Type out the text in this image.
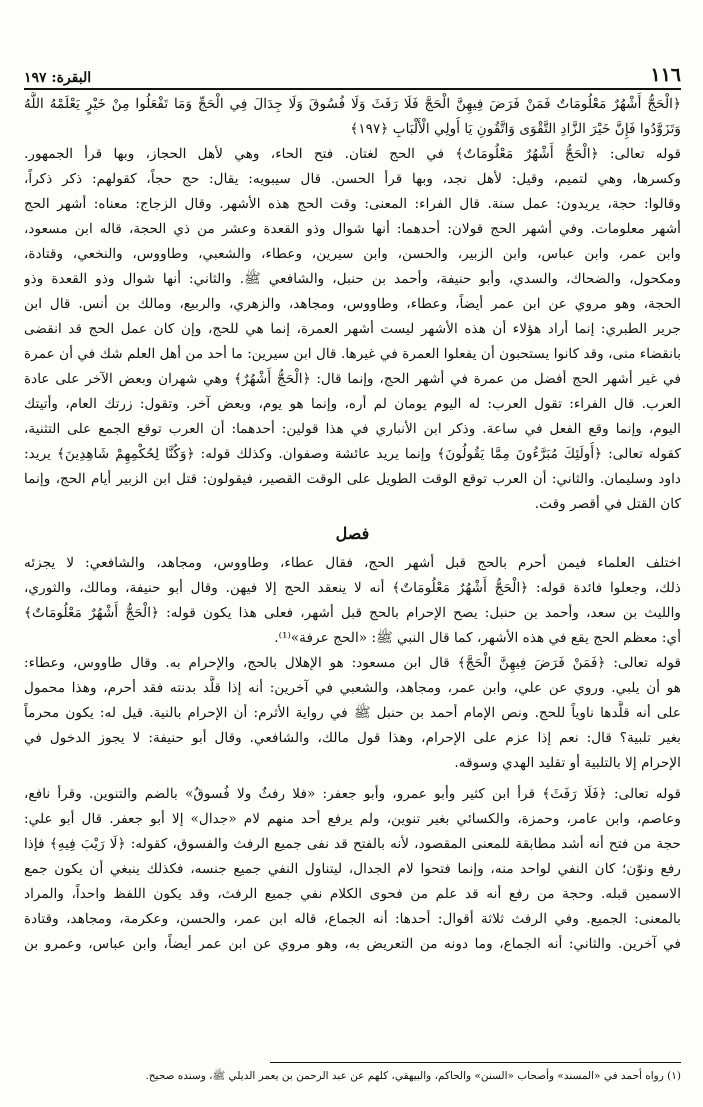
١١٦
البقرة: ١٩٧
﴿الْحَجُّ أَشْهُرٌ مَعْلُومَاتٌ فَمَنْ فَرَضَ فِيهِنَّ الْحَجَّ فَلَا رَفَثَ وَلَا فُسُوقَ وَلَا جِدَالَ فِي الْحَجِّ وَمَا تَفْعَلُوا مِنْ خَيْرٍ يَعْلَمْهُ اللَّهُ
وَتَزَوَّدُوا فَإِنَّ خَيْرَ الزَّادِ التَّقْوَى وَاتَّقُونِ يَا أُولِي الْأَلْبَابِ ﴿١٩٧﴾
قوله تعالى: ﴿الْحَجُّ أَشْهُرٌ مَعْلُومَاتٌ﴾ في الحج لغتان. فتح الحاء، وهي لأهل الحجاز، وبها قرأ الجمهور.
وكسرها، وهي لتميم، وقيل: لأهل نجد، وبها قرأ الحسن. قال سيبويه: يقال: حج حجاً، كقولهم: ذكر ذكراً،
وقالوا: حجة، يريدون: عمل سنة. قال الفراء: المعنى: وقت الحج هذه الأشهر. وقال الزجاج: معناه: أشهر الحج
أشهر معلومات. وفي أشهر الحج قولان: أحدهما: أنها شوال وذو القعدة وعشر من ذي الحجة، قاله ابن مسعود،
وابن عمر، وابن عباس، وابن الزبير، والحسن، وابن سيرين، وعطاء، والشعبي، وطاووس، والنخعي، وقتادة،
ومكحول، والضحاك، والسدي، وأبو حنيفة، وأحمد بن حنبل، والشافعي ﷺ. والثاني: أنها شوال وذو القعدة وذو
الحجة، وهو مروي عن ابن عمر أيضاً، وعطاء، وطاووس، ومجاهد، والزهري، والربيع، ومالك بن أنس. قال ابن
جرير الطبري: إنما أراد هؤلاء أن هذه الأشهر ليست أشهر العمرة، إنما هي للحج، وإن كان عمل الحج قد انقضى
بانقضاء منى، وقد كانوا يستحبون أن يفعلوا العمرة في غيرها. قال ابن سيرين: ما أحد من أهل العلم شك في أن عمرة
في غير أشهر الحج أفضل من عمرة في أشهر الحج، وإنما قال: ﴿الْحَجُّ أَشْهُرٌ﴾ وهي شهران وبعض الآخر على عادة
العرب. قال الفراء: تقول العرب: له اليوم يومان لم أره، وإنما هو يوم، وبعض آخر. وتقول: زرتك العام، وأتيتك
اليوم، وإنما وقع الفعل في ساعة. وذكر ابن الأنباري في هذا قولين: أحدهما: أن العرب توقع الجمع على التثنية،
كقوله تعالى: ﴿أُولَئِكَ مُبَرَّءُونَ مِمَّا يَقُولُونَ﴾ وإنما يريد عائشة وصفوان. وكذلك قوله: ﴿وَكُنَّا لِحُكْمِهِمْ شَاهِدِينَ﴾ يريد:
داود وسليمان. والثاني: أن العرب توقع الوقت الطويل على الوقت القصير، فيقولون: قتل ابن الزبير أيام الحج، وإنما
كان القتل في أقصر وقت.
فصل
اختلف العلماء فيمن أحرم بالحج قبل أشهر الحج، فقال عطاء، وطاووس، ومجاهد، والشافعي: لا يجزئه
ذلك، وجعلوا فائدة قوله: ﴿الْحَجُّ أَشْهُرٌ مَعْلُومَاتٌ﴾ أنه لا ينعقد الحج إلا فيهن. وقال أبو حنيفة، ومالك، والثوري،
والليث بن سعد، وأحمد بن حنبل: يصح الإحرام بالحج قبل أشهر، فعلى هذا يكون قوله: ﴿الْحَجُّ أَشْهُرٌ مَعْلُومَاتٌ﴾
أي: معظم الحج يقع في هذه الأشهر، كما قال النبي ﷺ: «الحج عرفة»⁽¹⁾.
قوله تعالى: ﴿فَمَنْ فَرَضَ فِيهِنَّ الْحَجَّ﴾ قال ابن مسعود: هو الإهلال بالحج، والإحرام به. وقال طاووس، وعطاء:
هو أن يلبي. وروي عن علي، وابن عمر، ومجاهد، والشعبي في آخرين: أنه إذا قلَّد بدنته فقد أحرم، وهذا محمول
على أنه قلَّدها ناوياً للحج. ونص الإمام أحمد بن حنبل ﷺ في رواية الأثرم: أن الإحرام بالنية. قيل له: يكون محرماً
بغير تلبية؟ قال: نعم إذا عزم على الإحرام، وهذا قول مالك، والشافعي. وقال أبو حنيفة: لا يجوز الدخول في
الإحرام إلا بالتلبية أو تقليد الهدي وسوقه.
قوله تعالى: ﴿فَلَا رَفَثَ﴾ قرأ ابن كثير وأبو عمرو، وأبو جعفر: «فلا رفثٌ ولا فُسوقٌ» بالضم والتنوين. وقرأ نافع،
وعاصم، وابن عامر، وحمزة، والكسائي بغير تنوين، ولم يرفع أحد منهم لام «جدال» إلا أبو جعفر. قال أبو علي:
حجة من فتح أنه أشد مطابقة للمعنى المقصود، لأنه بالفتح قد نفى جميع الرفث والفسوق، كقوله: ﴿لَا رَيْبَ فِيهِ﴾ فإذا
رفع ونوّن؛ كان النفي لواحد منه، وإنما فتحوا لام الجدال، ليتناول النفي جميع جنسه، فكذلك ينبغي أن يكون جمع
الاسمين قبله. وحجة من رفع أنه قد علم من فحوى الكلام نفي جميع الرفث، وقد يكون اللفظ واحداً، والمراد
بالمعنى: الجميع. وفي الرفث ثلاثة أقوال: أحدها: أنه الجماع، قاله ابن عمر، والحسن، وعكرمة، ومجاهد، وقتادة
في آخرين. والثاني: أنه الجماع، وما دونه من التعريض به، وهو مروي عن ابن عمر أيضاً، وابن عباس، وعمرو بن
(١) رواه أحمد في «المسند» وأصحاب «السنن» والحاكم، والبيهقي، كلهم عن عبد الرحمن بن يعمر الديلي ﷺ، وسنده صحيح.
